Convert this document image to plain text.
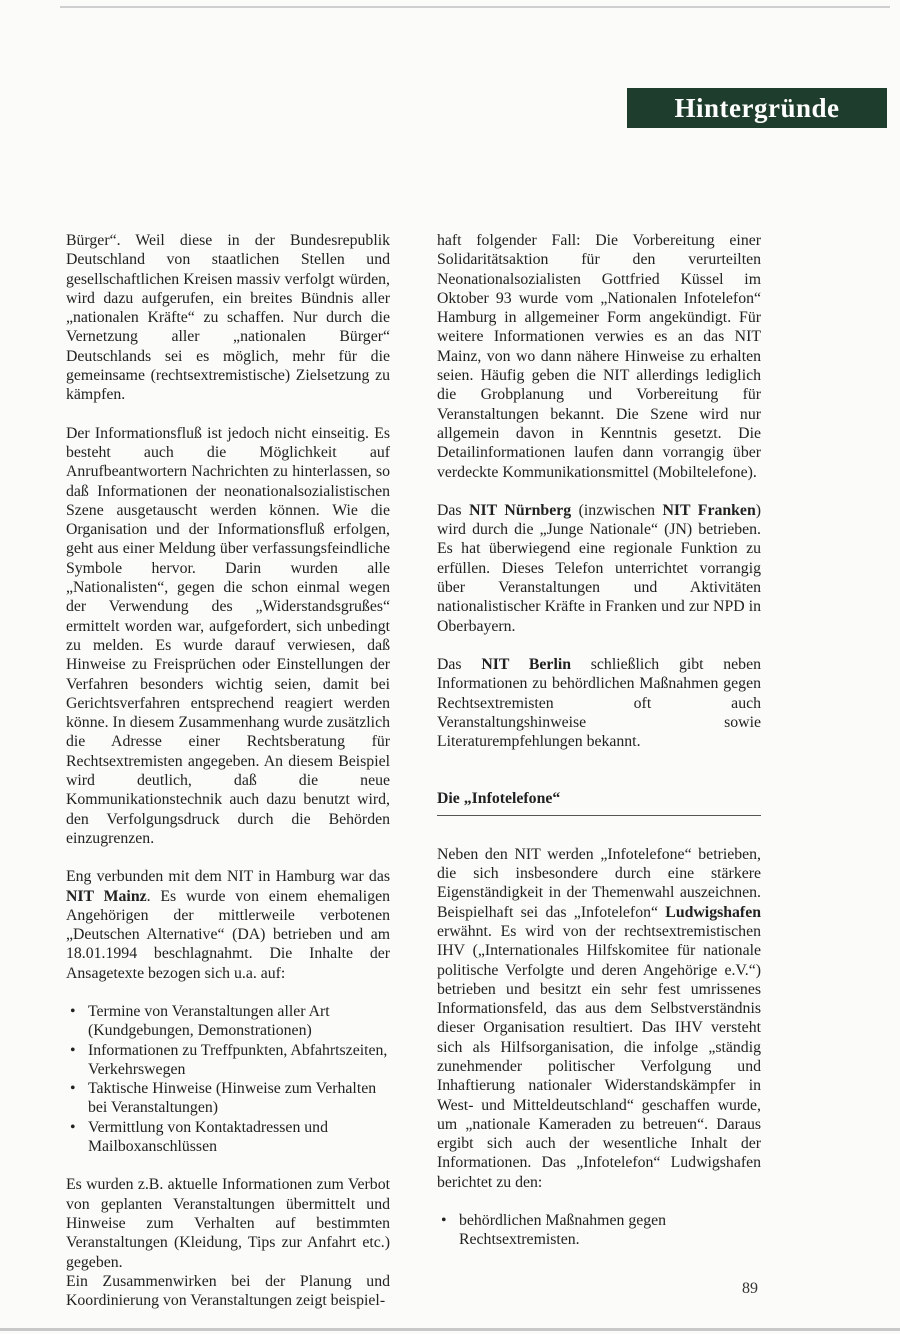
Hintergründe

Bürger“. Weil diese in der Bundesrepublik Deutschland von staatlichen Stellen und gesellschaftlichen Kreisen massiv verfolgt würden, wird dazu aufgerufen, ein breites Bündnis aller „nationalen Kräfte“ zu schaffen. Nur durch die Vernetzung aller „nationalen Bürger“ Deutschlands sei es möglich, mehr für die gemeinsame (rechtsextremistische) Zielsetzung zu kämpfen.

Der Informationsfluß ist jedoch nicht einseitig. Es besteht auch die Möglichkeit auf Anrufbeantwortern Nachrichten zu hinterlassen, so daß Informationen der neonationalsozialistischen Szene ausgetauscht werden können. Wie die Organisation und der Informationsfluß erfolgen, geht aus einer Meldung über verfassungsfeindliche Symbole hervor. Darin wurden alle „Nationalisten“, gegen die schon einmal wegen der Verwendung des „Widerstandsgrußes“ ermittelt worden war, aufgefordert, sich unbedingt zu melden. Es wurde darauf verwiesen, daß Hinweise zu Freisprüchen oder Einstellungen der Verfahren besonders wichtig seien, damit bei Gerichtsverfahren entsprechend reagiert werden könne. In diesem Zusammenhang wurde zusätzlich die Adresse einer Rechtsberatung für Rechtsextremisten angegeben. An diesem Beispiel wird deutlich, daß die neue Kommunikationstechnik auch dazu benutzt wird, den Verfolgungsdruck durch die Behörden einzugrenzen.

Eng verbunden mit dem NIT in Hamburg war das NIT Mainz. Es wurde von einem ehemaligen Angehörigen der mittlerweile verbotenen „Deutschen Alternative“ (DA) betrieben und am 18.01.1994 beschlagnahmt. Die Inhalte der Ansagetexte bezogen sich u.a. auf:

• Termine von Veranstaltungen aller Art (Kundgebungen, Demonstrationen)
• Informationen zu Treffpunkten, Abfahrtszeiten, Verkehrswegen
• Taktische Hinweise (Hinweise zum Verhalten bei Veranstaltungen)
• Vermittlung von Kontaktadressen und Mailboxanschlüssen

Es wurden z.B. aktuelle Informationen zum Verbot von geplanten Veranstaltungen übermittelt und Hinweise zum Verhalten auf bestimmten Veranstaltungen (Kleidung, Tips zur Anfahrt etc.) gegeben.

Ein Zusammenwirken bei der Planung und Koordinierung von Veranstaltungen zeigt beispiel-

haft folgender Fall: Die Vorbereitung einer Solidaritätsaktion für den verurteilten Neonationalsozialisten Gottfried Küssel im Oktober 93 wurde vom „Nationalen Infotelefon“ Hamburg in allgemeiner Form angekündigt. Für weitere Informationen verwies es an das NIT Mainz, von wo dann nähere Hinweise zu erhalten seien. Häufig geben die NIT allerdings lediglich die Grobplanung und Vorbereitung für Veranstaltungen bekannt. Die Szene wird nur allgemein davon in Kenntnis gesetzt. Die Detailinformationen laufen dann vorrangig über verdeckte Kommunikationsmittel (Mobiltelefone).

Das NIT Nürnberg (inzwischen NIT Franken) wird durch die „Junge Nationale“ (JN) betrieben. Es hat überwiegend eine regionale Funktion zu erfüllen. Dieses Telefon unterrichtet vorrangig über Veranstaltungen und Aktivitäten nationalistischer Kräfte in Franken und zur NPD in Oberbayern.

Das NIT Berlin schließlich gibt neben Informationen zu behördlichen Maßnahmen gegen Rechtsextremisten oft auch Veranstaltungshinweise sowie Literaturempfehlungen bekannt.

Die „Infotelefone“

Neben den NIT werden „Infotelefone“ betrieben, die sich insbesondere durch eine stärkere Eigenständigkeit in der Themenwahl auszeichnen. Beispielhaft sei das „Infotelefon“ Ludwigshafen erwähnt. Es wird von der rechtsextremistischen IHV („Internationales Hilfskomitee für nationale politische Verfolgte und deren Angehörige e.V.“) betrieben und besitzt ein sehr fest umrissenes Informationsfeld, das aus dem Selbstverständnis dieser Organisation resultiert. Das IHV versteht sich als Hilfsorganisation, die infolge „ständig zunehmender politischer Verfolgung und Inhaftierung nationaler Widerstandskämpfer in West- und Mitteldeutschland“ geschaffen wurde, um „nationale Kameraden zu betreuen“. Daraus ergibt sich auch der wesentliche Inhalt der Informationen. Das „Infotelefon“ Ludwigshafen berichtet zu den:

• behördlichen Maßnahmen gegen Rechtsextremisten.
89
